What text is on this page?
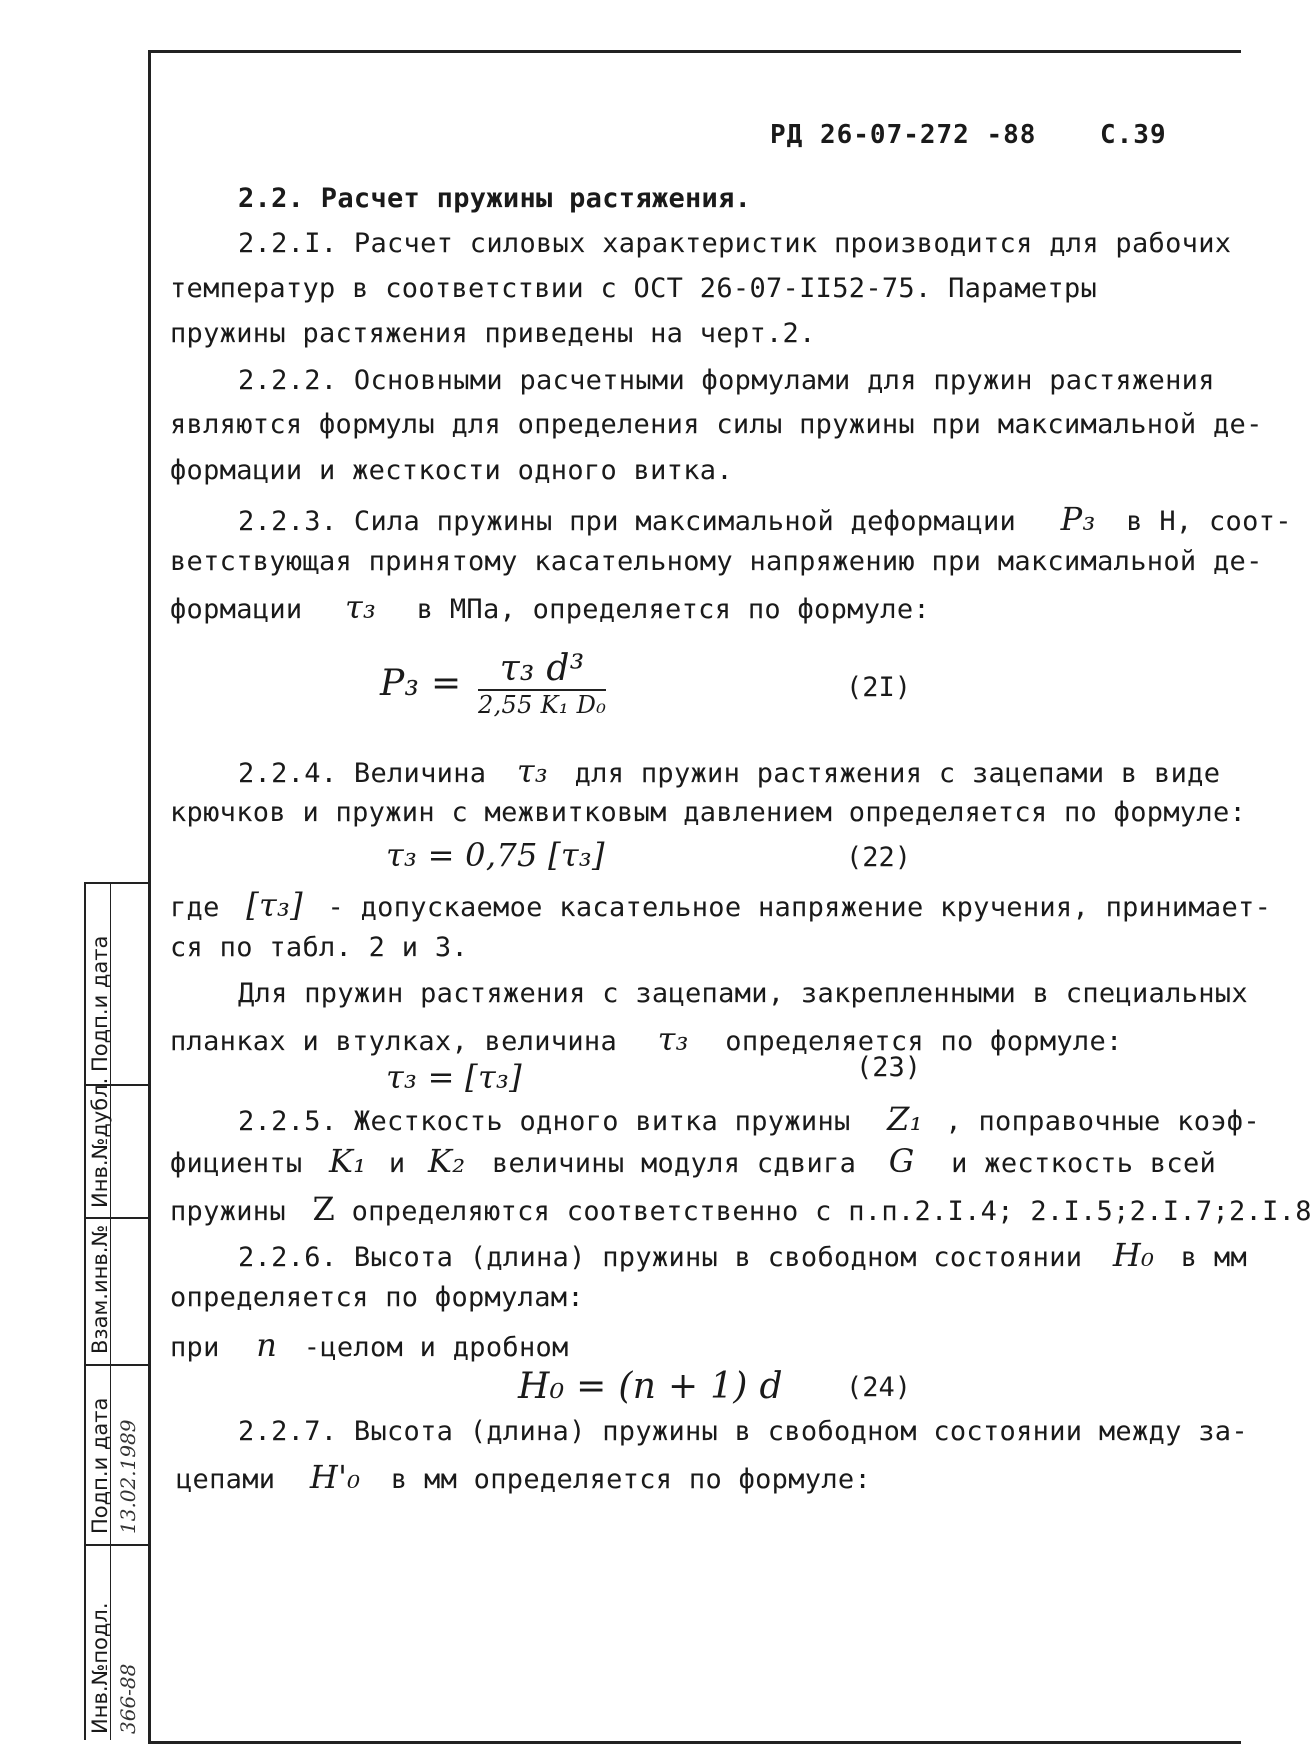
РД 26-07-272 -88 С.39
2.2. Расчет пружины растяжения.
2.2.I. Расчет силовых характеристик производится для рабочих
температур в соответствии с ОСТ 26-07-II52-75. Параметры
пружины растяжения приведены на черт.2.
2.2.2. Основными расчетными формулами для пружин растяжения
являются формулы для определения силы пружины при максимальной де-
формации и жесткости одного витка.
2.2.3. Сила пружины при максимальной деформации P₃ в Н, соот-
ветствующая принятому касательному напряжению при максимальной де-
формации τ₃ в МПа, определяется по формуле:
$P_3 = \frac{\text{τ₃ d³}}{\text{2,55 K₁ D₀}}$	(2I)
2.2.4. Величина τ₃ для пружин растяжения с зацепами в виде
крючков и пружин с межвитковым давлением определяется по формуле:
τ₃ = 0,75 [τ₃]	(22)
где [τ₃] - допускаемое касательное напряжение кручения, принимает-
ся по табл. 2 и 3.
Для пружин растяжения с зацепами, закрепленными в специальных
планках и втулках, величина τ₃ определяется по формуле:
τ₃ = [τ₃]	(23)
2.2.5. Жесткость одного витка пружины Z₁ , поправочные коэф-
фициенты K₁ и K₂ величины модуля сдвига G и жесткость всей
пружины Z определяются соответственно с п.п.2.I.4; 2.I.5;2.I.7;2.I.8
2.2.6. Высота (длина) пружины в свободном состоянии H₀ в мм
определяется по формулам:
при n -целом и дробном
H₀ = (n + 1) d (24)
2.2.7. Высота (длина) пружины в свободном состоянии между за-
цепами H'₀ в мм определяется по формуле:
Подп.и дата
Инв.№дубл.
Взам.инв.№
Подп.и дата
Инв.№подл.
13.02.1989
366-88
